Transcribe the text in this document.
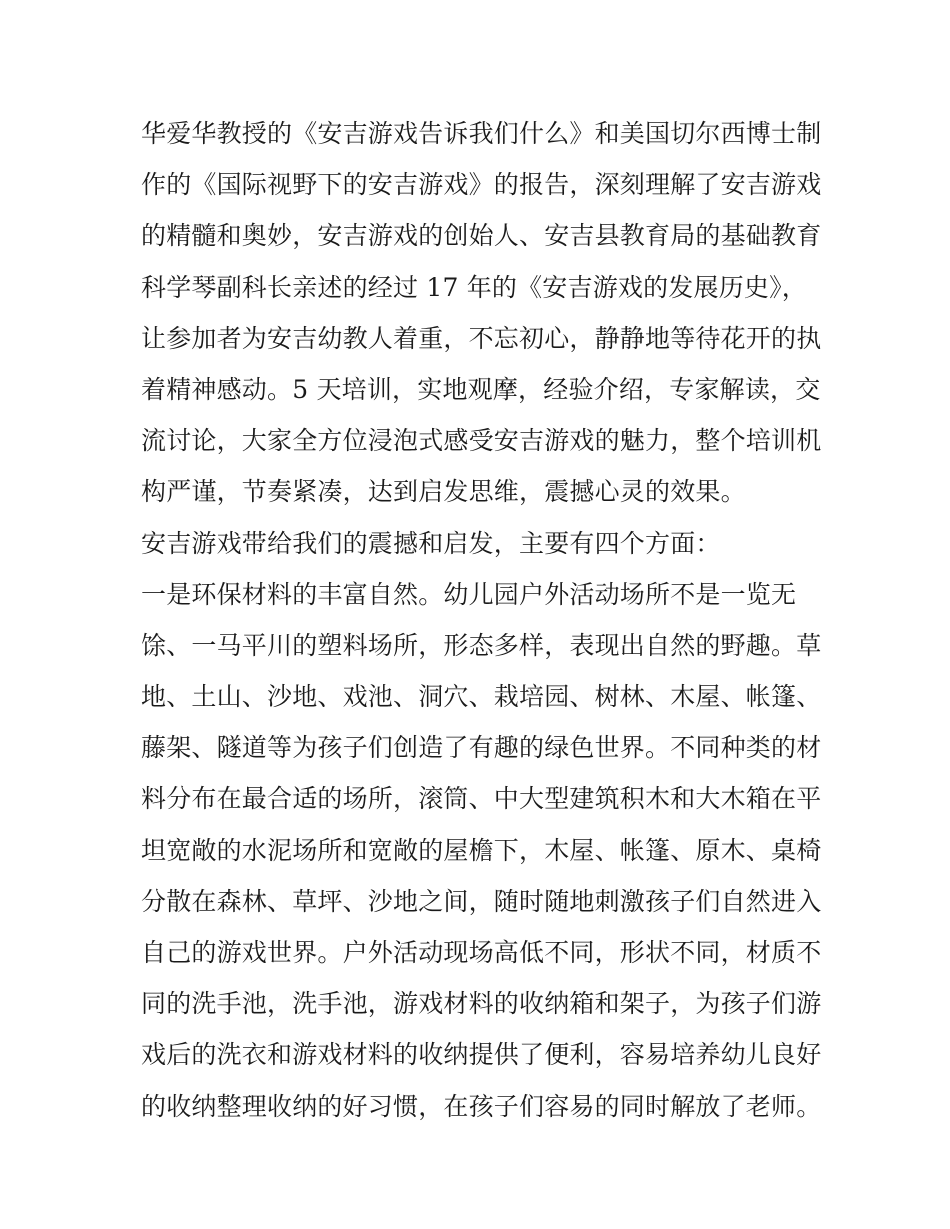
华爱华教授的《安吉游戏告诉我们什么》和美国切尔西博士制
作的《国际视野下的安吉游戏》的报告，深刻理解了安吉游戏
的精髓和奥妙，安吉游戏的创始人、安吉县教育局的基础教育
科学琴副科长亲述的经过 17 年的《安吉游戏的发展历史》，
让参加者为安吉幼教人着重，不忘初心，静静地等待花开的执
着精神感动。5 天培训，实地观摩，经验介绍，专家解读，交
流讨论，大家全方位浸泡式感受安吉游戏的魅力，整个培训机
构严谨，节奏紧凑，达到启发思维，震撼心灵的效果。
安吉游戏带给我们的震撼和启发，主要有四个方面：
一是环保材料的丰富自然。幼儿园户外活动场所不是一览无
馀、一马平川的塑料场所，形态多样，表现出自然的野趣。草
地、土山、沙地、戏池、洞穴、栽培园、树林、木屋、帐篷、
藤架、隧道等为孩子们创造了有趣的绿色世界。不同种类的材
料分布在最合适的场所，滚筒、中大型建筑积木和大木箱在平
坦宽敞的水泥场所和宽敞的屋檐下，木屋、帐篷、原木、桌椅
分散在森林、草坪、沙地之间，随时随地刺激孩子们自然进入
自己的游戏世界。户外活动现场高低不同，形状不同，材质不
同的洗手池，洗手池，游戏材料的收纳箱和架子，为孩子们游
戏后的洗衣和游戏材料的收纳提供了便利，容易培养幼儿良好
的收纳整理收纳的好习惯，在孩子们容易的同时解放了老师。
